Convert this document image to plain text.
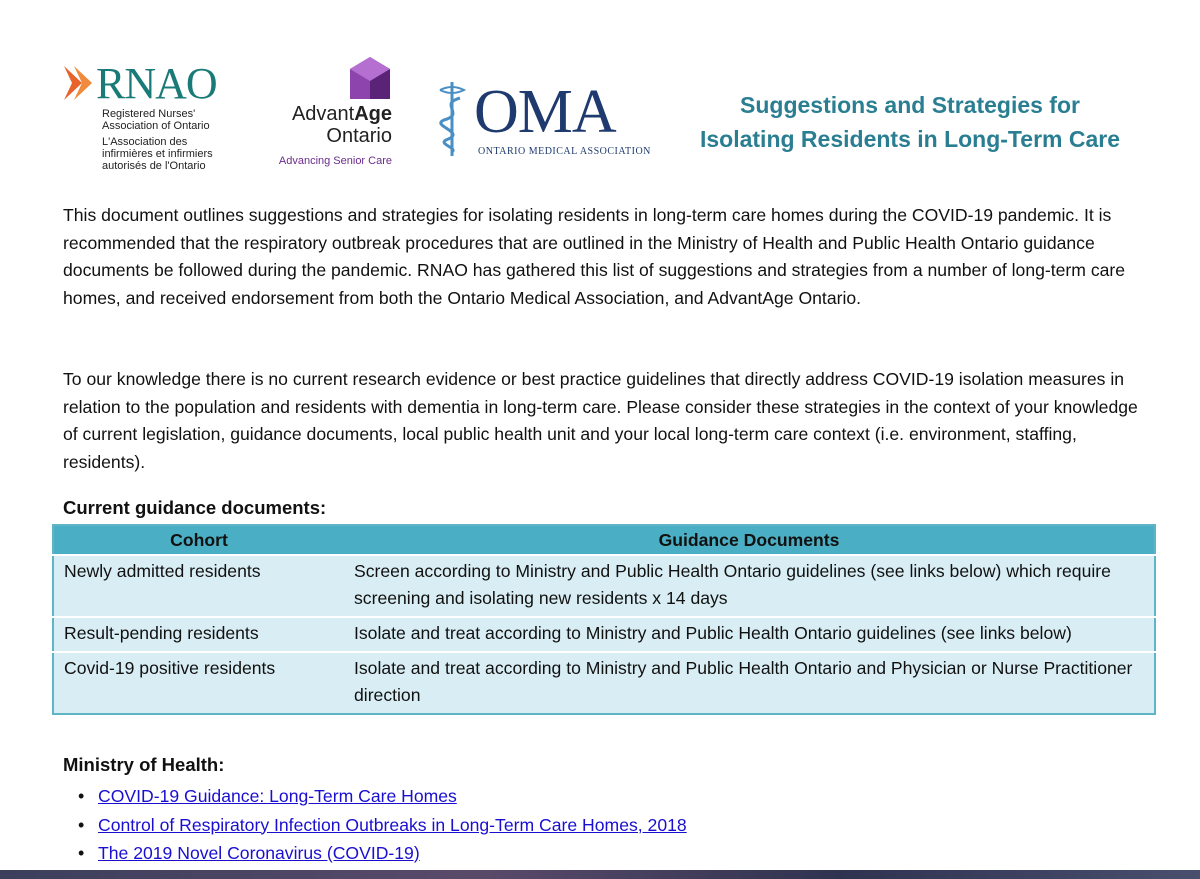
RNAO
Registered Nurses'
Association of Ontario
L'Association des
infirmières et infirmiers
autorisés de l'Ontario
AdvantAge
Ontario
Advancing Senior Care
OMA
ONTARIO MEDICAL ASSOCIATION
Suggestions and Strategies for
Isolating Residents in Long-Term Care

This document outlines suggestions and strategies for isolating residents in long-term care homes during the COVID-19 pandemic. It is recommended that the respiratory outbreak procedures that are outlined in the Ministry of Health and Public Health Ontario guidance documents be followed during the pandemic. RNAO has gathered this list of suggestions and strategies from a number of long-term care homes, and received endorsement from both the Ontario Medical Association, and AdvantAge Ontario.

To our knowledge there is no current research evidence or best practice guidelines that directly address COVID-19 isolation measures in relation to the population and residents with dementia in long-term care. Please consider these strategies in the context of your knowledge of current legislation, guidance documents, local public health unit and your local long-term care context (i.e. environment, staffing, residents).

Current guidance documents:
Cohort	Guidance Documents
Newly admitted residents	Screen according to Ministry and Public Health Ontario guidelines (see links below) which require screening and isolating new residents x 14 days
Result-pending residents	Isolate and treat according to Ministry and Public Health Ontario guidelines (see links below)
Covid-19 positive residents	Isolate and treat according to Ministry and Public Health Ontario and Physician or Nurse Practitioner direction
Ministry of Health:
• COVID-19 Guidance: Long-Term Care Homes
• Control of Respiratory Infection Outbreaks in Long-Term Care Homes, 2018
• The 2019 Novel Coronavirus (COVID-19)
